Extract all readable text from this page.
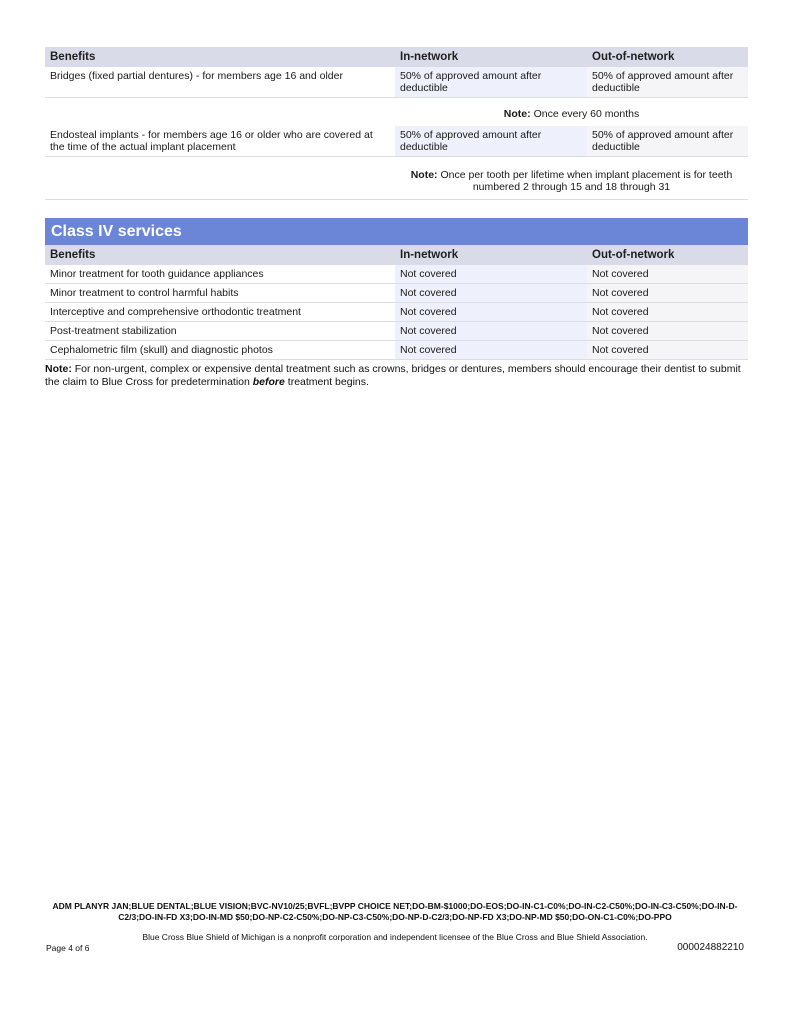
Benefits	In-network	Out-of-network
Bridges (fixed partial dentures) - for members age 16 and older	50% of approved amount after deductible	50% of approved amount after deductible
	Note: Once every 60 months	
Endosteal implants - for members age 16 or older who are covered at the time of the actual implant placement	50% of approved amount after deductible	50% of approved amount after deductible
	Note: Once per tooth per lifetime when implant placement is for teeth numbered 2 through 15 and 18 through 31	
Class IV services
Benefits	In-network	Out-of-network
Minor treatment for tooth guidance appliances	Not covered	Not covered
Minor treatment to control harmful habits	Not covered	Not covered
Interceptive and comprehensive orthodontic treatment	Not covered	Not covered
Post-treatment stabilization	Not covered	Not covered
Cephalometric film (skull) and diagnostic photos	Not covered	Not covered
Note: For non-urgent, complex or expensive dental treatment such as crowns, bridges or dentures, members should encourage their dentist to submit the claim to Blue Cross for predetermination before treatment begins.
ADM PLANYR JAN;BLUE DENTAL;BLUE VISION;BVC-NV10/25;BVFL;BVPP CHOICE NET;DO-BM-$1000;DO-EOS;DO-IN-C1-C0%;DO-IN-C2-C50%;DO-IN-C3-C50%;DO-IN-D-C2/3;DO-IN-FD X3;DO-IN-MD $50;DO-NP-C2-C50%;DO-NP-C3-C50%;DO-NP-D-C2/3;DO-NP-FD X3;DO-NP-MD $50;DO-ON-C1-C0%;DO-PPO
Blue Cross Blue Shield of Michigan is a nonprofit corporation and independent licensee of the Blue Cross and Blue Shield Association.
Page 4 of 6	000024882210
